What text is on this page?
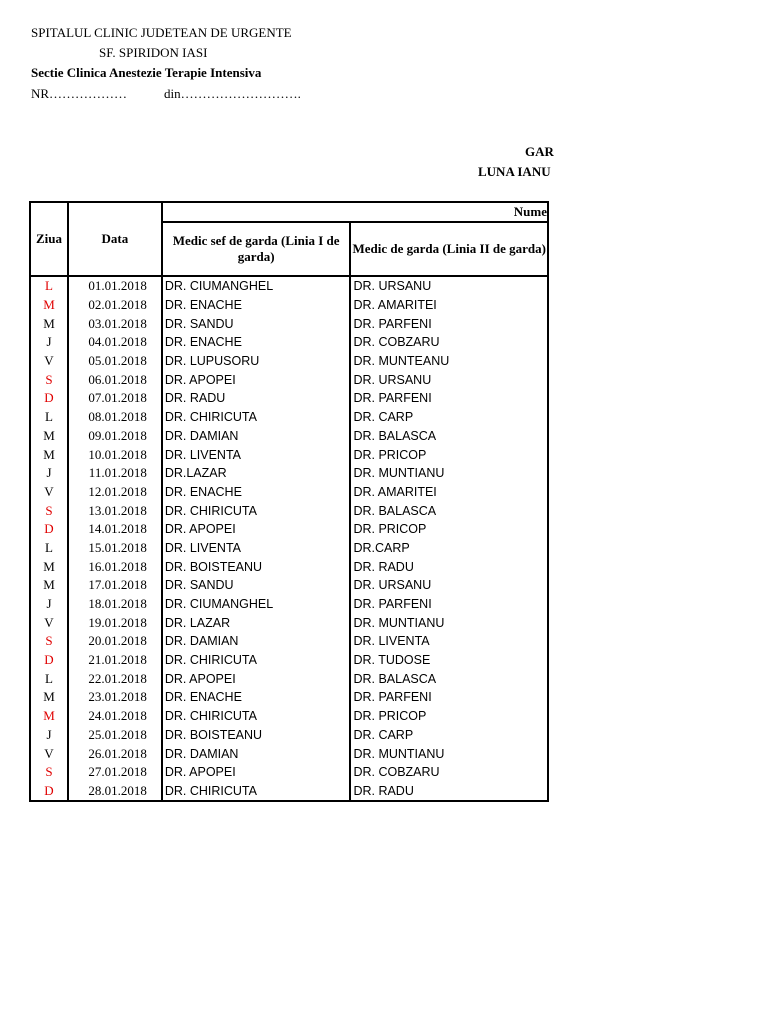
SPITALUL CLINIC JUDETEAN DE URGENTE
SF. SPIRIDON IASI
Sectie Clinica Anestezie Terapie Intensiva
NR………………	din……………………….
GAR
LUNA IANU
Ziua	Data	Nume	
		Medic sef de garda (Linia I de garda)	Medic de garda (Linia II de garda)
L	01.01.2018	DR. CIUMANGHEL	DR. URSANU
M	02.01.2018	DR. ENACHE	DR. AMARITEI
M	03.01.2018	DR. SANDU	DR. PARFENI
J	04.01.2018	DR. ENACHE	DR. COBZARU
V	05.01.2018	DR. LUPUSORU	DR. MUNTEANU
S	06.01.2018	DR. APOPEI	DR. URSANU
D	07.01.2018	DR. RADU	DR. PARFENI
L	08.01.2018	DR. CHIRICUTA	DR. CARP
M	09.01.2018	DR. DAMIAN	DR. BALASCA
M	10.01.2018	DR. LIVENTA	DR. PRICOP
J	11.01.2018	DR.LAZAR	DR. MUNTIANU
V	12.01.2018	DR. ENACHE	DR. AMARITEI
S	13.01.2018	DR. CHIRICUTA	DR. BALASCA
D	14.01.2018	DR. APOPEI	DR. PRICOP
L	15.01.2018	DR. LIVENTA	DR.CARP
M	16.01.2018	DR. BOISTEANU	DR. RADU
M	17.01.2018	DR. SANDU	DR. URSANU
J	18.01.2018	DR. CIUMANGHEL	DR. PARFENI
V	19.01.2018	DR. LAZAR	DR. MUNTIANU
S	20.01.2018	DR. DAMIAN	DR. LIVENTA
D	21.01.2018	DR. CHIRICUTA	DR. TUDOSE
L	22.01.2018	DR. APOPEI	DR. BALASCA
M	23.01.2018	DR. ENACHE	DR. PARFENI
M	24.01.2018	DR. CHIRICUTA	DR. PRICOP
J	25.01.2018	DR. BOISTEANU	DR. CARP
V	26.01.2018	DR. DAMIAN	DR. MUNTIANU
S	27.01.2018	DR. APOPEI	DR. COBZARU
D	28.01.2018	DR. CHIRICUTA	DR. RADU
